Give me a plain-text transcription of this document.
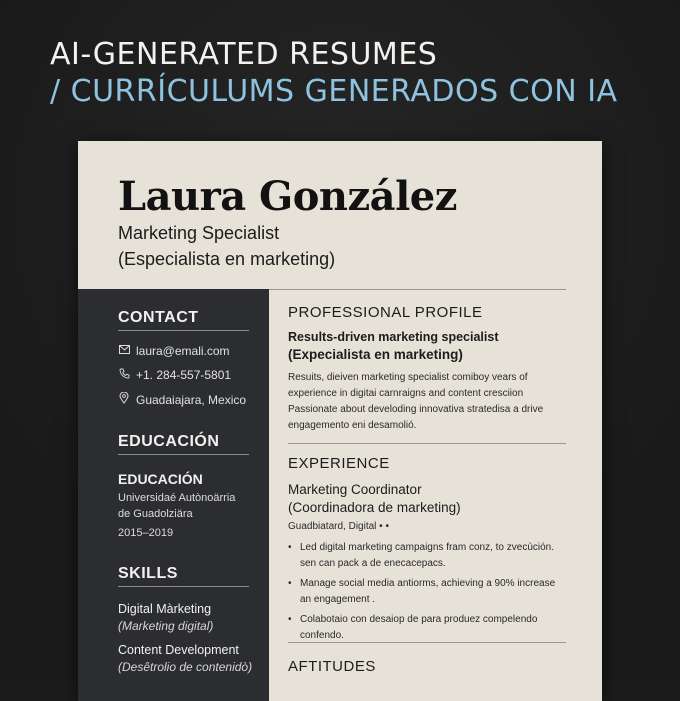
AI-GENERATED RESUMES
/ CURRÍCULUMS GENERADOS CON IA
Laura González
Marketing Specialist
(Especialista en marketing)
CONTACT
laura@emali.com
+1. 284-557-5801
Guadaiajara, Mexico
EDUCACIÓN
EDUCACIÓN
Universidaé Autònoärria
de Guadolziära
2015–2019
SKILLS
Digital Màrketing
(Marketing digital)
Content Development
(Desêtrolio de contenidò)
PROFESSIONAL PROFILE
Results-driven marketing specialist
(Expecialista en marketing)
Resuits, dieiven marketing specialist comiboy vears of
experience in digitai carnraigns and content cresciion
Passionate about develoding innovativa stratedisa a drive
engagemento eni desamolió.
EXPERIENCE
Marketing Coordinator
(Coordinadora de marketing)
Guadbiatard, Digital • •
• Led digital marketing campaigns fram conz, to zvecùción.
sen can pack a de enecacepacs.
• Manage social media antiorms, achieving a 90% increase
an engagement .
• Colabotaio con desaiop de para produez compelendo
confendo.
AFTITUDES
